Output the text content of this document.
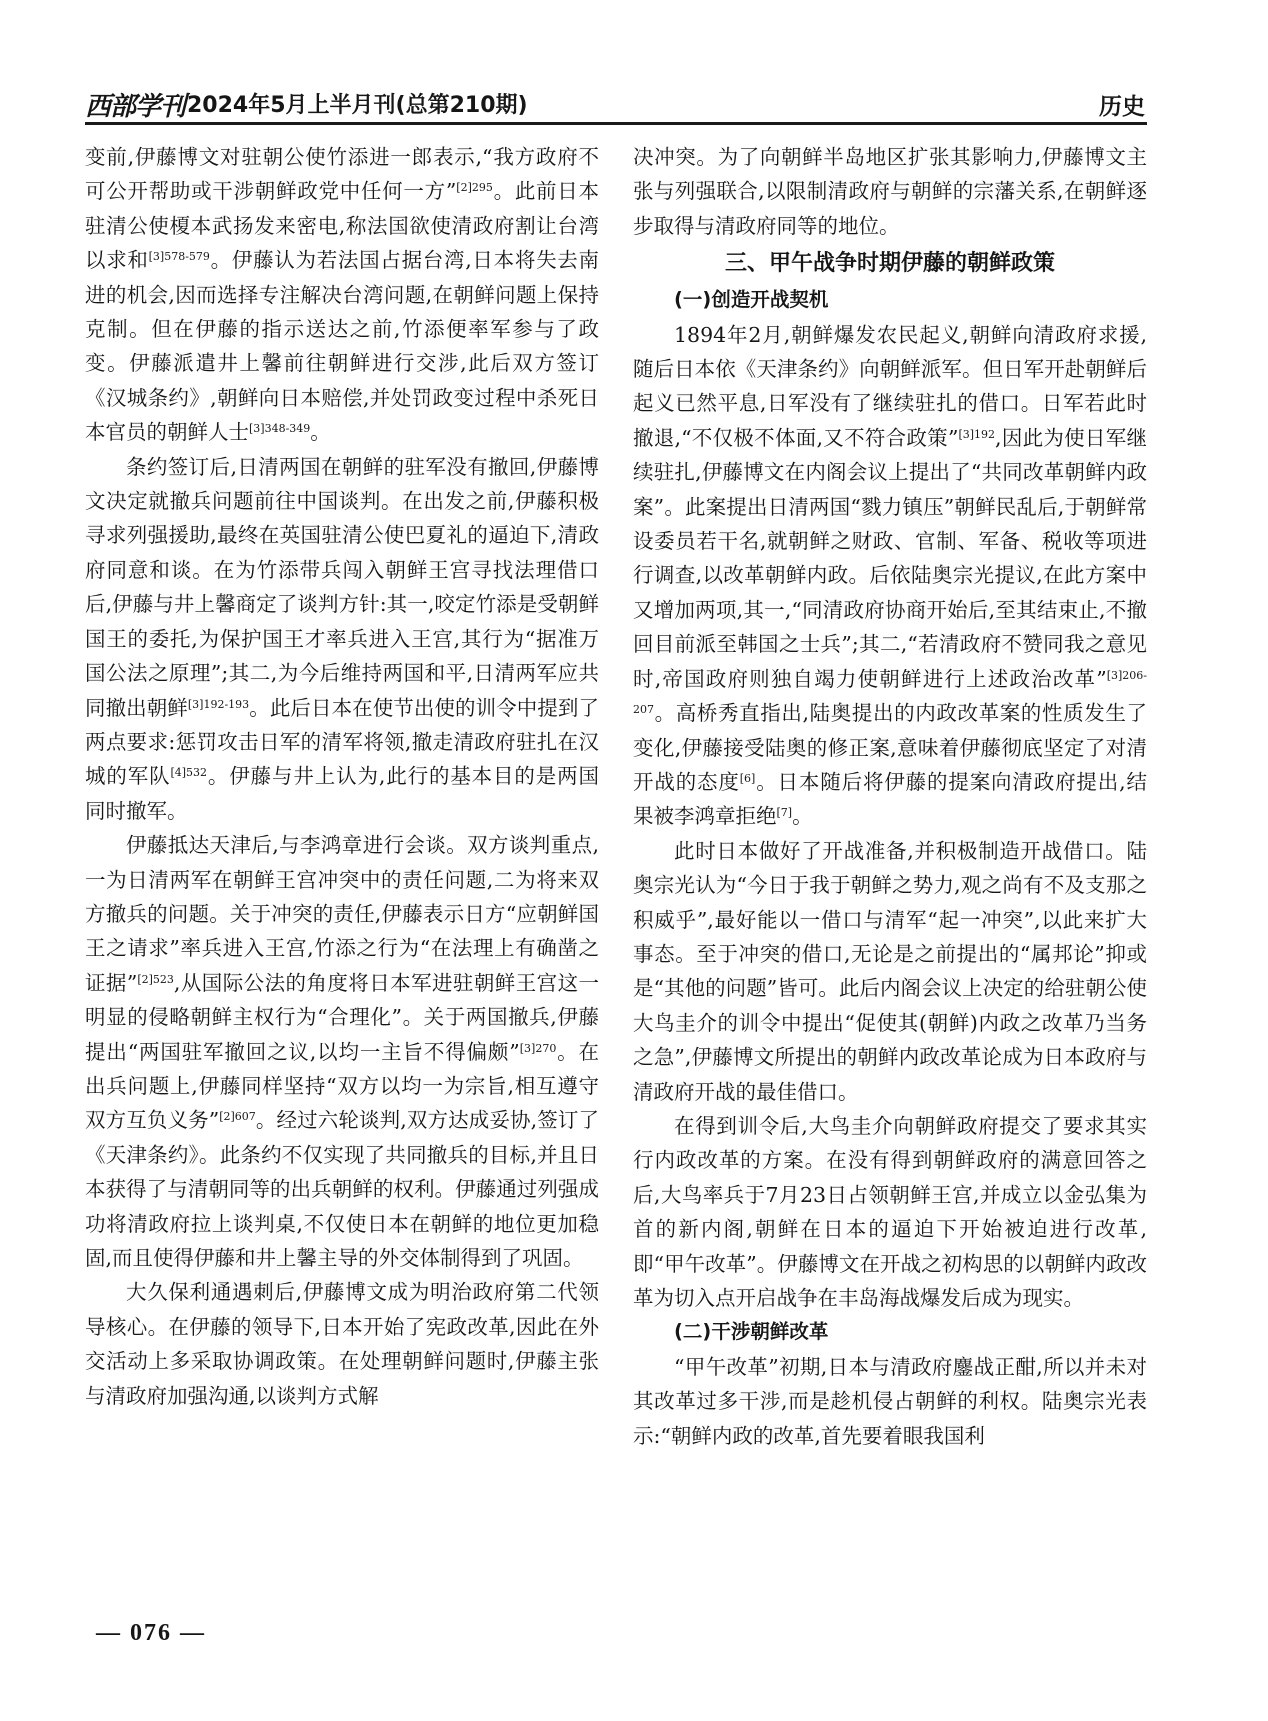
西部学刊 2024年5月上半月刊(总第210期)	历史

变前,伊藤博文对驻朝公使竹添进一郎表示,“我方政府不可公开帮助或干涉朝鲜政党中任何一方”$^{[2]295}$。此前日本驻清公使榎本武扬发来密电,称法国欲使清政府割让台湾以求和$^{[3]578-579}$。伊藤认为若法国占据台湾,日本将失去南进的机会,因而选择专注解决台湾问题,在朝鲜问题上保持克制。但在伊藤的指示送达之前,竹添便率军参与了政变。伊藤派遣井上馨前往朝鲜进行交涉,此后双方签订《汉城条约》,朝鲜向日本赔偿,并处罚政变过程中杀死日本官员的朝鲜人士$^{[3]348-349}$。

条约签订后,日清两国在朝鲜的驻军没有撤回,伊藤博文决定就撤兵问题前往中国谈判。在出发之前,伊藤积极寻求列强援助,最终在英国驻清公使巴夏礼的逼迫下,清政府同意和谈。在为竹添带兵闯入朝鲜王宫寻找法理借口后,伊藤与井上馨商定了谈判方针:其一,咬定竹添是受朝鲜国王的委托,为保护国王才率兵进入王宫,其行为“据准万国公法之原理”;其二,为今后维持两国和平,日清两军应共同撤出朝鲜$^{[3]192-193}$。此后日本在使节出使的训令中提到了两点要求:惩罚攻击日军的清军将领,撤走清政府驻扎在汉城的军队$^{[4]532}$。伊藤与井上认为,此行的基本目的是两国同时撤军。

伊藤抵达天津后,与李鸿章进行会谈。双方谈判重点,一为日清两军在朝鲜王宫冲突中的责任问题,二为将来双方撤兵的问题。关于冲突的责任,伊藤表示日方“应朝鲜国王之请求”率兵进入王宫,竹添之行为“在法理上有确凿之证据”$^{[2]523}$,从国际公法的角度将日本军进驻朝鲜王宫这一明显的侵略朝鲜主权行为“合理化”。关于两国撤兵,伊藤提出“两国驻军撤回之议,以均一主旨不得偏颇”$^{[3]270}$。在出兵问题上,伊藤同样坚持“双方以均一为宗旨,相互遵守双方互负义务”$^{[2]607}$。经过六轮谈判,双方达成妥协,签订了《天津条约》。此条约不仅实现了共同撤兵的目标,并且日本获得了与清朝同等的出兵朝鲜的权利。伊藤通过列强成功将清政府拉上谈判桌,不仅使日本在朝鲜的地位更加稳固,而且使得伊藤和井上馨主导的外交体制得到了巩固。

大久保利通遇刺后,伊藤博文成为明治政府第二代领导核心。在伊藤的领导下,日本开始了宪政改革,因此在外交活动上多采取协调政策。在处理朝鲜问题时,伊藤主张与清政府加强沟通,以谈判方式解

决冲突。为了向朝鲜半岛地区扩张其影响力,伊藤博文主张与列强联合,以限制清政府与朝鲜的宗藩关系,在朝鲜逐步取得与清政府同等的地位。

三、甲午战争时期伊藤的朝鲜政策
(一)创造开战契机

1894年2月,朝鲜爆发农民起义,朝鲜向清政府求援,随后日本依《天津条约》向朝鲜派军。但日军开赴朝鲜后起义已然平息,日军没有了继续驻扎的借口。日军若此时撤退,“不仅极不体面,又不符合政策”$^{[3]192}$,因此为使日军继续驻扎,伊藤博文在内阁会议上提出了“共同改革朝鲜内政案”。此案提出日清两国“戮力镇压”朝鲜民乱后,于朝鲜常设委员若干名,就朝鲜之财政、官制、军备、税收等项进行调查,以改革朝鲜内政。后依陆奥宗光提议,在此方案中又增加两项,其一,“同清政府协商开始后,至其结束止,不撤回目前派至韩国之士兵”;其二,“若清政府不赞同我之意见时,帝国政府则独自竭力使朝鲜进行上述政治改革”$^{[3]206-207}$。高桥秀直指出,陆奥提出的内政改革案的性质发生了变化,伊藤接受陆奥的修正案,意味着伊藤彻底坚定了对清开战的态度[6]。日本随后将伊藤的提案向清政府提出,结果被李鸿章拒绝[7]。

此时日本做好了开战准备,并积极制造开战借口。陆奥宗光认为“今日于我于朝鲜之势力,观之尚有不及支那之积威乎”,最好能以一借口与清军“起一冲突”,以此来扩大事态。至于冲突的借口,无论是之前提出的“属邦论”抑或是“其他的问题”皆可。此后内阁会议上决定的给驻朝公使大鸟圭介的训令中提出“促使其(朝鲜)内政之改革乃当务之急”,伊藤博文所提出的朝鲜内政改革论成为日本政府与清政府开战的最佳借口。

在得到训令后,大鸟圭介向朝鲜政府提交了要求其实行内政改革的方案。在没有得到朝鲜政府的满意回答之后,大鸟率兵于7月23日占领朝鲜王宫,并成立以金弘集为首的新内阁,朝鲜在日本的逼迫下开始被迫进行改革,即“甲午改革”。伊藤博文在开战之初构思的以朝鲜内政改革为切入点开启战争在丰岛海战爆发后成为现实。

(二)干涉朝鲜改革

“甲午改革”初期,日本与清政府鏖战正酣,所以并未对其改革过多干涉,而是趁机侵占朝鲜的利权。陆奥宗光表示:“朝鲜内政的改革,首先要着眼我国利

— 076 —
